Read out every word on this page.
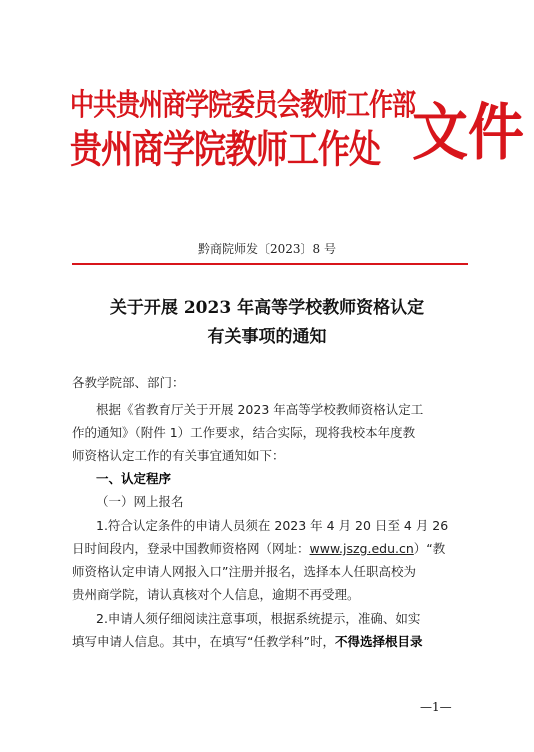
中共贵州商学院委员会教师工作部
贵州商学院教师工作处 文件
黔商院师发〔2023〕8 号
关于开展 2023 年高等学校教师资格认定
有关事项的通知
各教学院部、部门：
根据《省教育厅关于开展 2023 年高等学校教师资格认定工
作的通知》（附件 1）工作要求，结合实际，现将我校本年度教
师资格认定工作的有关事宜通知如下：
一、认定程序
（一）网上报名
1.符合认定条件的申请人员须在 2023 年 4 月 20 日至 4 月 26
日时间段内，登录中国教师资格网（网址：www.jszg.edu.cn）“教
师资格认定申请人网报入口”注册并报名，选择本人任职高校为
贵州商学院，请认真核对个人信息，逾期不再受理。
2.申请人须仔细阅读注意事项，根据系统提示，准确、如实
填写申请人信息。其中，在填写“任教学科”时，不得选择根目录
—1—
